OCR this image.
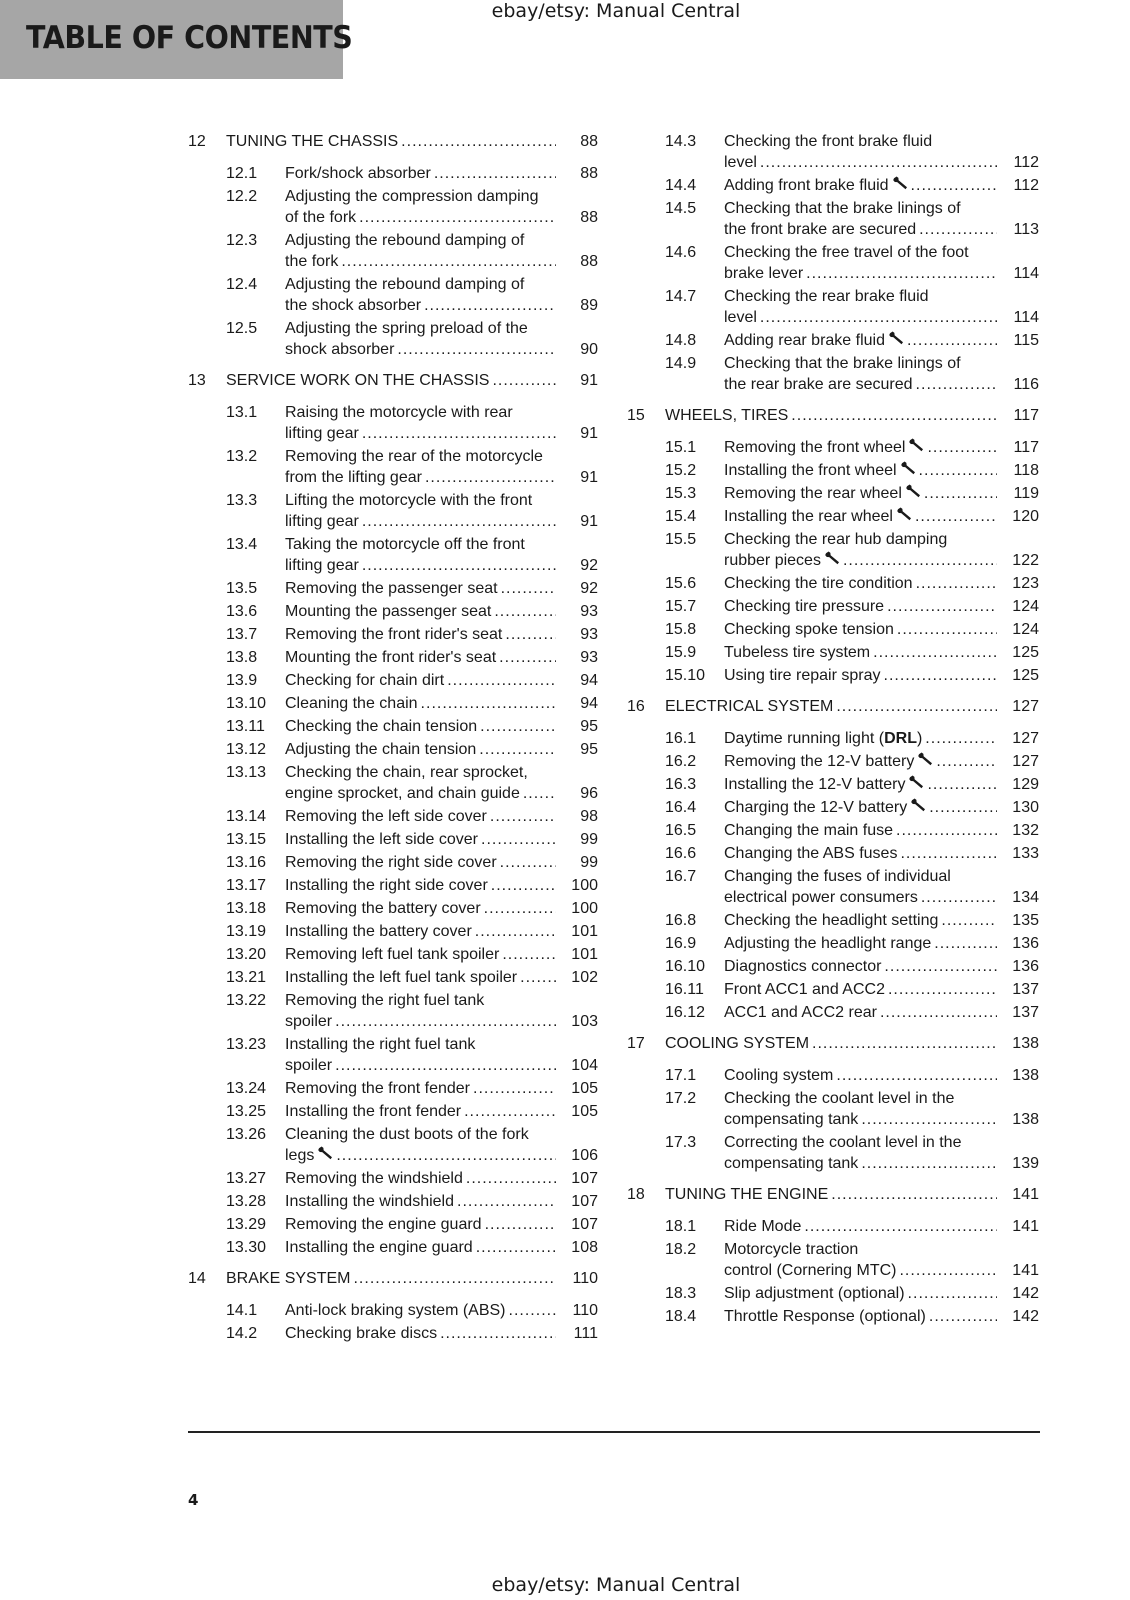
TABLE OF CONTENTS
ebay/etsy: Manual Central
12 TUNING THE CHASSIS .....	88
12.1 Fork/shock absorber .....	88
12.2 Adjusting the compression damping
of the fork .....	88
12.3 Adjusting the rebound damping of
the fork .....	88
12.4 Adjusting the rebound damping of
the shock absorber .....	89
12.5 Adjusting the spring preload of the
shock absorber .....	90
13 SERVICE WORK ON THE CHASSIS .....	91
13.1 Raising the motorcycle with rear
lifting gear .....	91
13.2 Removing the rear of the motorcycle
from the lifting gear .....	91
13.3 Lifting the motorcycle with the front
lifting gear .....	91
13.4 Taking the motorcycle off the front
lifting gear .....	92
13.5 Removing the passenger seat .....	92
13.6 Mounting the passenger seat .....	93
13.7 Removing the front rider's seat .....	93
13.8 Mounting the front rider's seat .....	93
13.9 Checking for chain dirt .....	94
13.10 Cleaning the chain .....	94
13.11 Checking the chain tension .....	95
13.12 Adjusting the chain tension .....	95
13.13 Checking the chain, rear sprocket,
engine sprocket, and chain guide .....	96
13.14 Removing the left side cover .....	98
13.15 Installing the left side cover .....	99
13.16 Removing the right side cover .....	99
13.17 Installing the right side cover .....	100
13.18 Removing the battery cover .....	100
13.19 Installing the battery cover .....	101
13.20 Removing left fuel tank spoiler .....	101
13.21 Installing the left fuel tank spoiler .....	102
13.22 Removing the right fuel tank
spoiler .....	103
13.23 Installing the right fuel tank
spoiler .....	104
13.24 Removing the front fender .....	105
13.25 Installing the front fender .....	105
13.26 Cleaning the dust boots of the fork
legs .....	106
13.27 Removing the windshield .....	107
13.28 Installing the windshield .....	107
13.29 Removing the engine guard .....	107
13.30 Installing the engine guard .....	108
14 BRAKE SYSTEM .....	110
14.1 Anti-lock braking system (ABS) .....	110
14.2 Checking brake discs .....	111
14.3 Checking the front brake fluid
level .....	112
14.4 Adding front brake fluid .....	112
14.5 Checking that the brake linings of
the front brake are secured .....	113
14.6 Checking the free travel of the foot
brake lever .....	114
14.7 Checking the rear brake fluid
level .....	114
14.8 Adding rear brake fluid .....	115
14.9 Checking that the brake linings of
the rear brake are secured .....	116
15 WHEELS, TIRES .....	117
15.1 Removing the front wheel .....	117
15.2 Installing the front wheel .....	118
15.3 Removing the rear wheel .....	119
15.4 Installing the rear wheel .....	120
15.5 Checking the rear hub damping
rubber pieces .....	122
15.6 Checking the tire condition .....	123
15.7 Checking tire pressure .....	124
15.8 Checking spoke tension .....	124
15.9 Tubeless tire system .....	125
15.10 Using tire repair spray .....	125
16 ELECTRICAL SYSTEM .....	127
16.1 Daytime running light ( DRL ) .....	127
16.2 Removing the 12-V battery .....	127
16.3 Installing the 12-V battery .....	129
16.4 Charging the 12-V battery .....	130
16.5 Changing the main fuse .....	132
16.6 Changing the ABS fuses .....	133
16.7 Changing the fuses of individual
electrical power consumers .....	134
16.8 Checking the headlight setting .....	135
16.9 Adjusting the headlight range .....	136
16.10 Diagnostics connector .....	136
16.11 Front ACC1 and ACC2 .....	137
16.12 ACC1 and ACC2 rear .....	137
17 COOLING SYSTEM .....	138
17.1 Cooling system .....	138
17.2 Checking the coolant level in the
compensating tank .....	138
17.3 Correcting the coolant level in the
compensating tank .....	139
18 TUNING THE ENGINE .....	141
18.1 Ride Mode .....	141
18.2 Motorcycle traction
control (Cornering MTC) .....	141
18.3 Slip adjustment (optional) .....	142
18.4 Throttle Response (optional) .....	142
4
ebay/etsy: Manual Central
